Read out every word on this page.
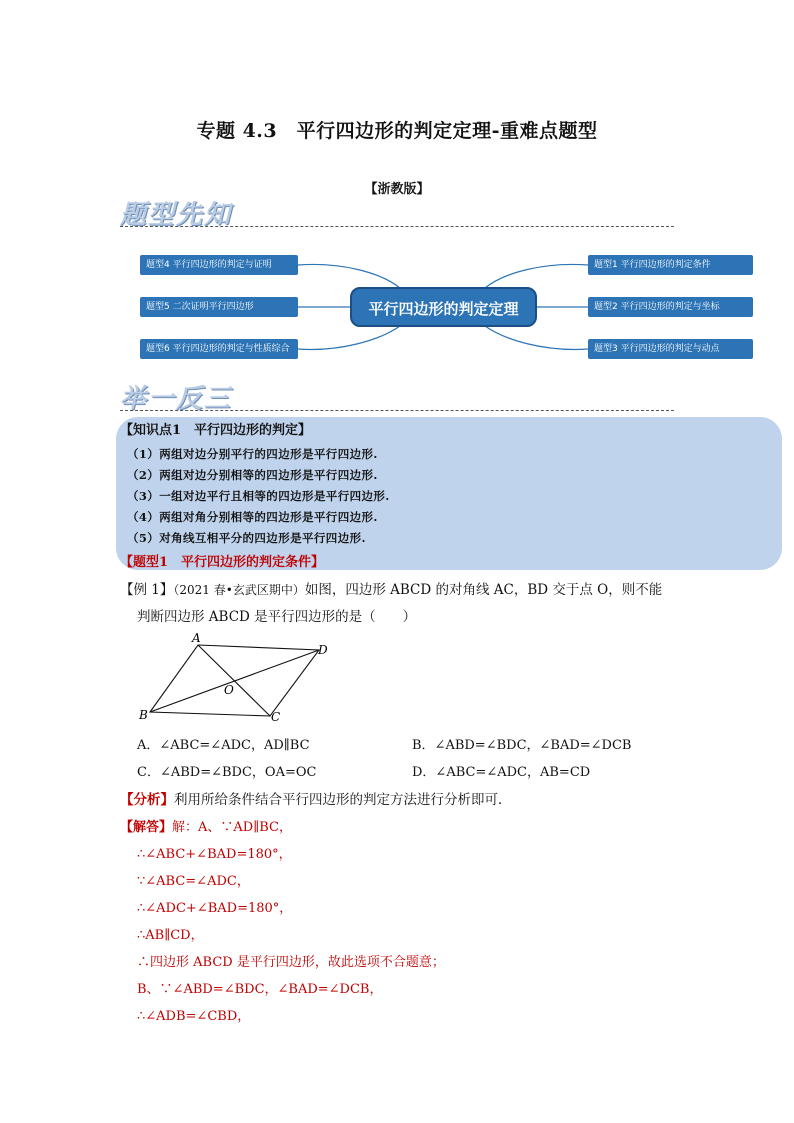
专题 4.3　平行四边形的判定定理-重难点题型
【浙教版】
题型先知
题型4 平行四边形的判定与证明
题型5 二次证明平行四边形
题型6 平行四边形的判定与性质综合
平行四边形的判定定理
题型1 平行四边形的判定条件
题型2 平行四边形的判定与坐标
题型3 平行四边形的判定与动点
举一反三
【知识点1　平行四边形的判定】
（1）两组对边分别平行的四边形是平行四边形.
（2）两组对边分别相等的四边形是平行四边形.
（3）一组对边平行且相等的四边形是平行四边形.
（4）两组对角分别相等的四边形是平行四边形.
（5）对角线互相平分的四边形是平行四边形.
【题型1　平行四边形的判定条件】
【例 1】（2021 春•玄武区期中）如图，四边形 ABCD 的对角线 AC，BD 交于点 O，则不能
判断四边形 ABCD 是平行四边形的是（　　）
A
B	C
D
O
A．∠ABC=∠ADC，AD∥BC	B．∠ABD=∠BDC，∠BAD=∠DCB
C．∠ABD=∠BDC，OA=OC	D．∠ABC=∠ADC，AB=CD
【分析】利用所给条件结合平行四边形的判定方法进行分析即可．
【解答】解：A、∵AD∥BC，
∴∠ABC+∠BAD=180°，
∵∠ABC=∠ADC，
∴∠ADC+∠BAD=180°，
∴AB∥CD，
∴四边形 ABCD 是平行四边形，故此选项不合题意；
B、∵∠ABD=∠BDC，∠BAD=∠DCB，
∴∠ADB=∠CBD，
